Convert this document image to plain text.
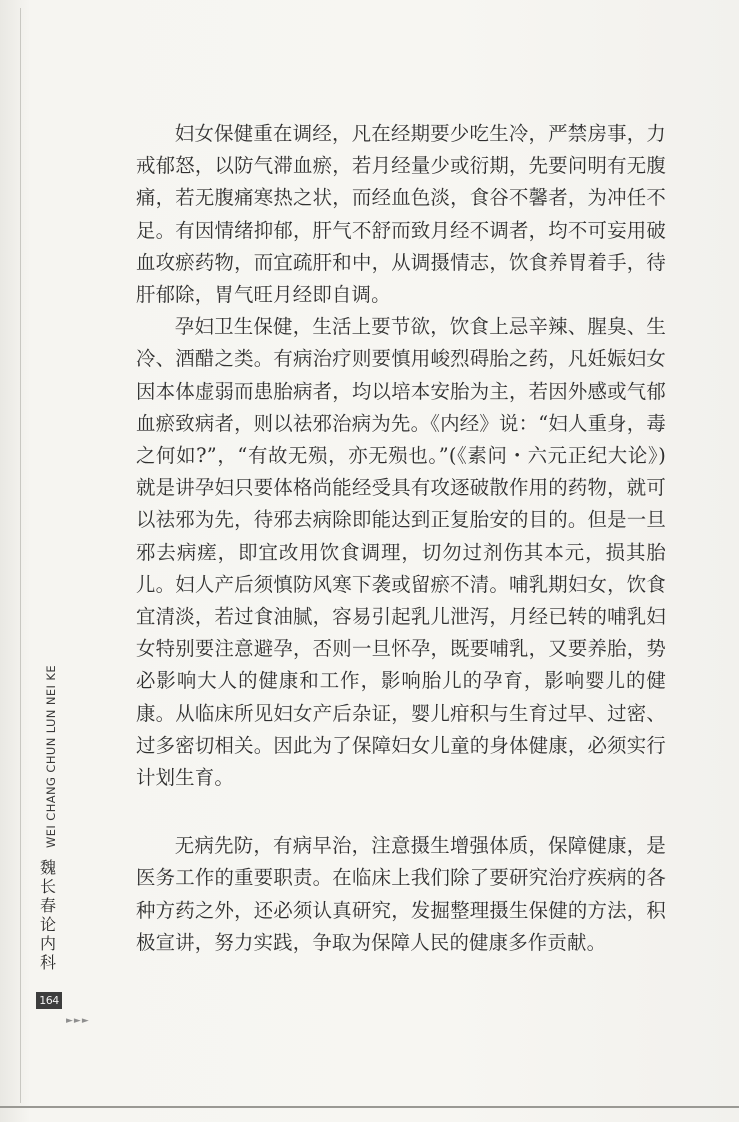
妇女保健重在调经，凡在经期要少吃生冷，严禁房事，力戒郁怒，以防气滞血瘀，若月经量少或衍期，先要问明有无腹痛，若无腹痛寒热之状，而经血色淡，食谷不馨者，为冲任不足。有因情绪抑郁，肝气不舒而致月经不调者，均不可妄用破血攻瘀药物，而宜疏肝和中，从调摄情志，饮食养胃着手，待肝郁除，胃气旺月经即自调。

孕妇卫生保健，生活上要节欲，饮食上忌辛辣、腥臭、生冷、酒醋之类。有病治疗则要慎用峻烈碍胎之药，凡妊娠妇女因本体虚弱而患胎病者，均以培本安胎为主，若因外感或气郁血瘀致病者，则以祛邪治病为先。《内经》说：“妇人重身，毒之何如?”，“有故无殒，亦无殒也。”(《素问・六元正纪大论》)就是讲孕妇只要体格尚能经受具有攻逐破散作用的药物，就可以祛邪为先，待邪去病除即能达到正复胎安的目的。但是一旦邪去病瘥，即宜改用饮食调理，切勿过剂伤其本元，损其胎儿。妇人产后须慎防风寒下袭或留瘀不清。哺乳期妇女，饮食宜清淡，若过食油腻，容易引起乳儿泄泻，月经已转的哺乳妇女特别要注意避孕，否则一旦怀孕，既要哺乳，又要养胎，势必影响大人的健康和工作，影响胎儿的孕育，影响婴儿的健康。从临床所见妇女产后杂证，婴儿疳积与生育过早、过密、过多密切相关。因此为了保障妇女儿童的身体健康，必须实行计划生育。

无病先防，有病早治，注意摄生增强体质，保障健康，是医务工作的重要职责。在临床上我们除了要研究治疗疾病的各种方药之外，还必须认真研究，发掘整理摄生保健的方法，积极宣讲，努力实践，争取为保障人民的健康多作贡献。

WEI CHANG CHUN LUN NEI KE
魏
长
春
论
内
科
164
►►►
